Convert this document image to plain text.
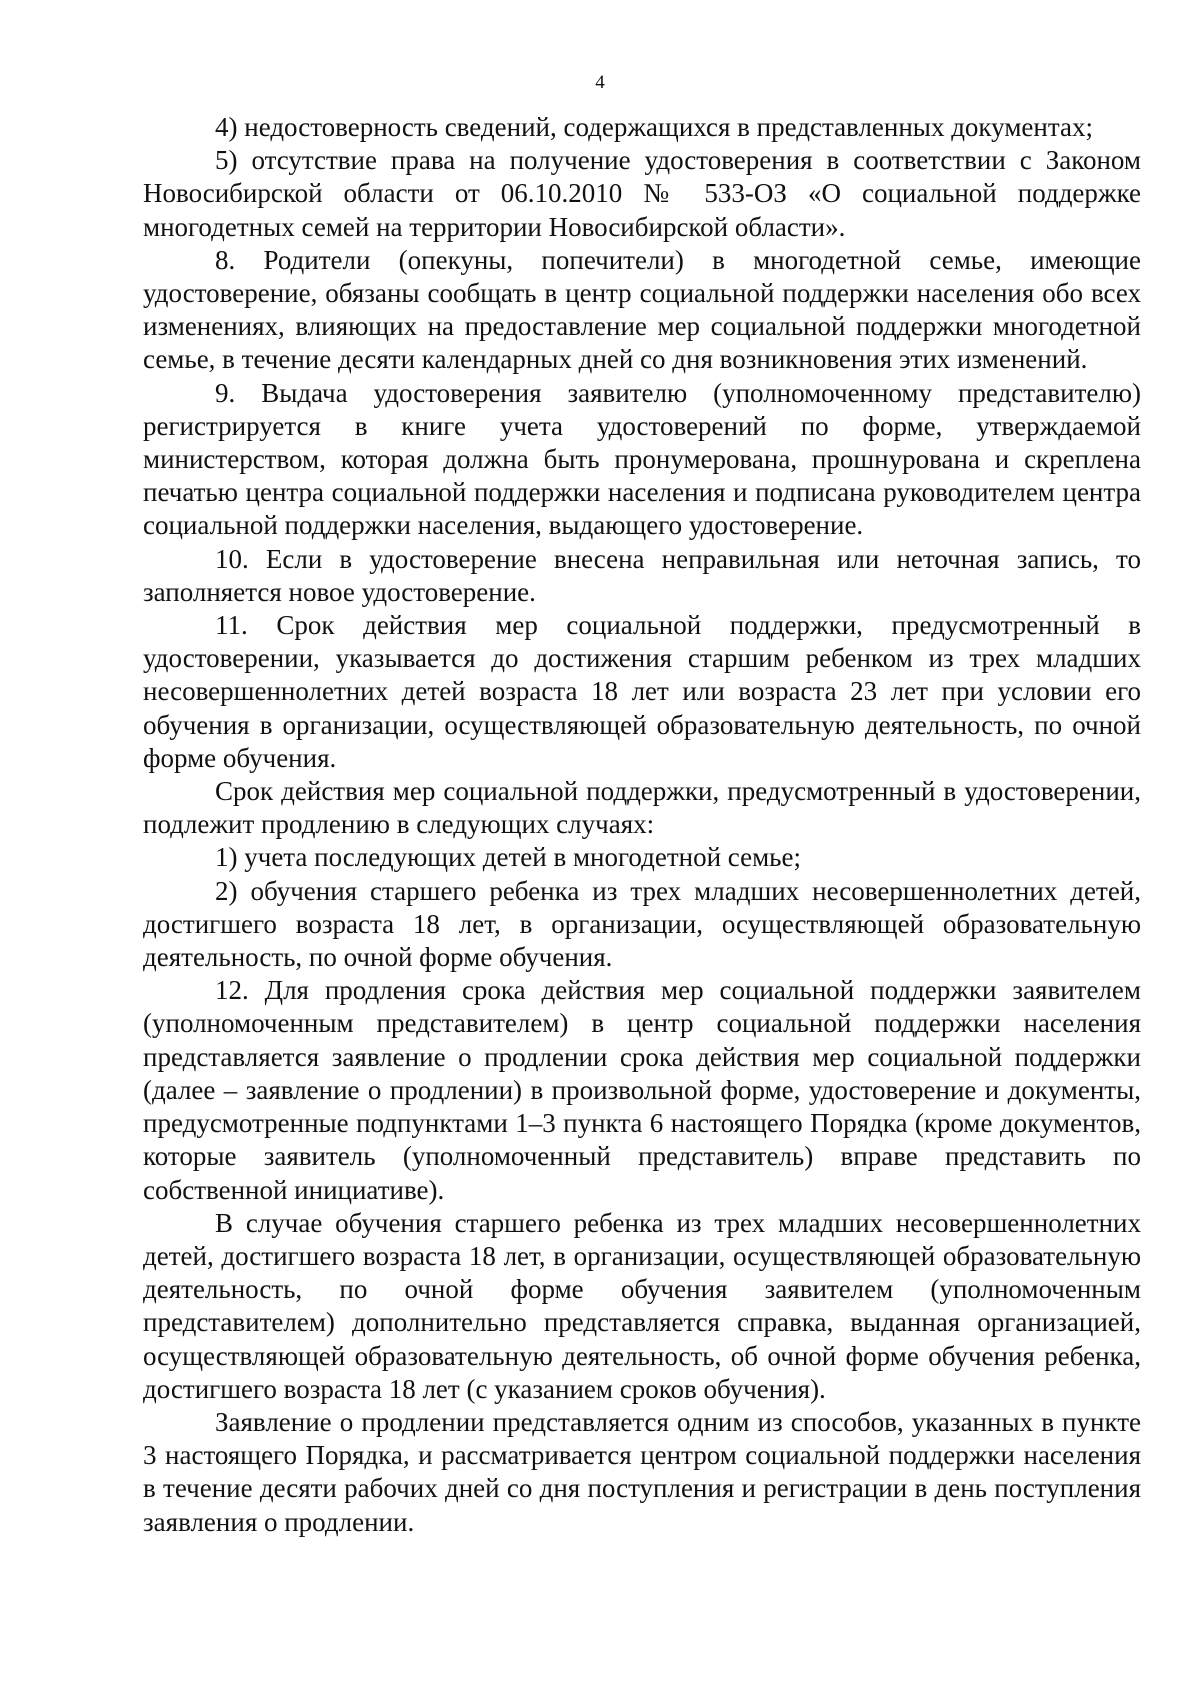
4

4) недостоверность сведений, содержащихся в представленных документах;

5) отсутствие права на получение удостоверения в соответствии с Законом Новосибирской области от 06.10.2010 № 533-ОЗ «О социальной поддержке многодетных семей на территории Новосибирской области».

8. Родители (опекуны, попечители) в многодетной семье, имеющие удостоверение, обязаны сообщать в центр социальной поддержки населения обо всех изменениях, влияющих на предоставление мер социальной поддержки многодетной семье, в течение десяти календарных дней со дня возникновения этих изменений.

9. Выдача удостоверения заявителю (уполномоченному представителю) регистрируется в книге учета удостоверений по форме, утверждаемой министерством, которая должна быть пронумерована, прошнурована и скреплена печатью центра социальной поддержки населения и подписана руководителем центра социальной поддержки населения, выдающего удостоверение.

10. Если в удостоверение внесена неправильная или неточная запись, то заполняется новое удостоверение.

11. Срок действия мер социальной поддержки, предусмотренный в удостоверении, указывается до достижения старшим ребенком из трех младших несовершеннолетних детей возраста 18 лет или возраста 23 лет при условии его обучения в организации, осуществляющей образовательную деятельность, по очной форме обучения.

Срок действия мер социальной поддержки, предусмотренный в удостоверении, подлежит продлению в следующих случаях:

1) учета последующих детей в многодетной семье;

2) обучения старшего ребенка из трех младших несовершеннолетних детей, достигшего возраста 18 лет, в организации, осуществляющей образовательную деятельность, по очной форме обучения.

12. Для продления срока действия мер социальной поддержки заявителем (уполномоченным представителем) в центр социальной поддержки населения представляется заявление о продлении срока действия мер социальной поддержки (далее – заявление о продлении) в произвольной форме, удостоверение и документы, предусмотренные подпунктами 1–3 пункта 6 настоящего Порядка (кроме документов, которые заявитель (уполномоченный представитель) вправе представить по собственной инициативе).

В случае обучения старшего ребенка из трех младших несовершеннолетних детей, достигшего возраста 18 лет, в организации, осуществляющей образовательную деятельность, по очной форме обучения заявителем (уполномоченным представителем) дополнительно представляется справка, выданная организацией, осуществляющей образовательную деятельность, об очной форме обучения ребенка, достигшего возраста 18 лет (с указанием сроков обучения).

Заявление о продлении представляется одним из способов, указанных в пункте 3 настоящего Порядка, и рассматривается центром социальной поддержки населения в течение десяти рабочих дней со дня поступления и регистрации в день поступления заявления о продлении.
